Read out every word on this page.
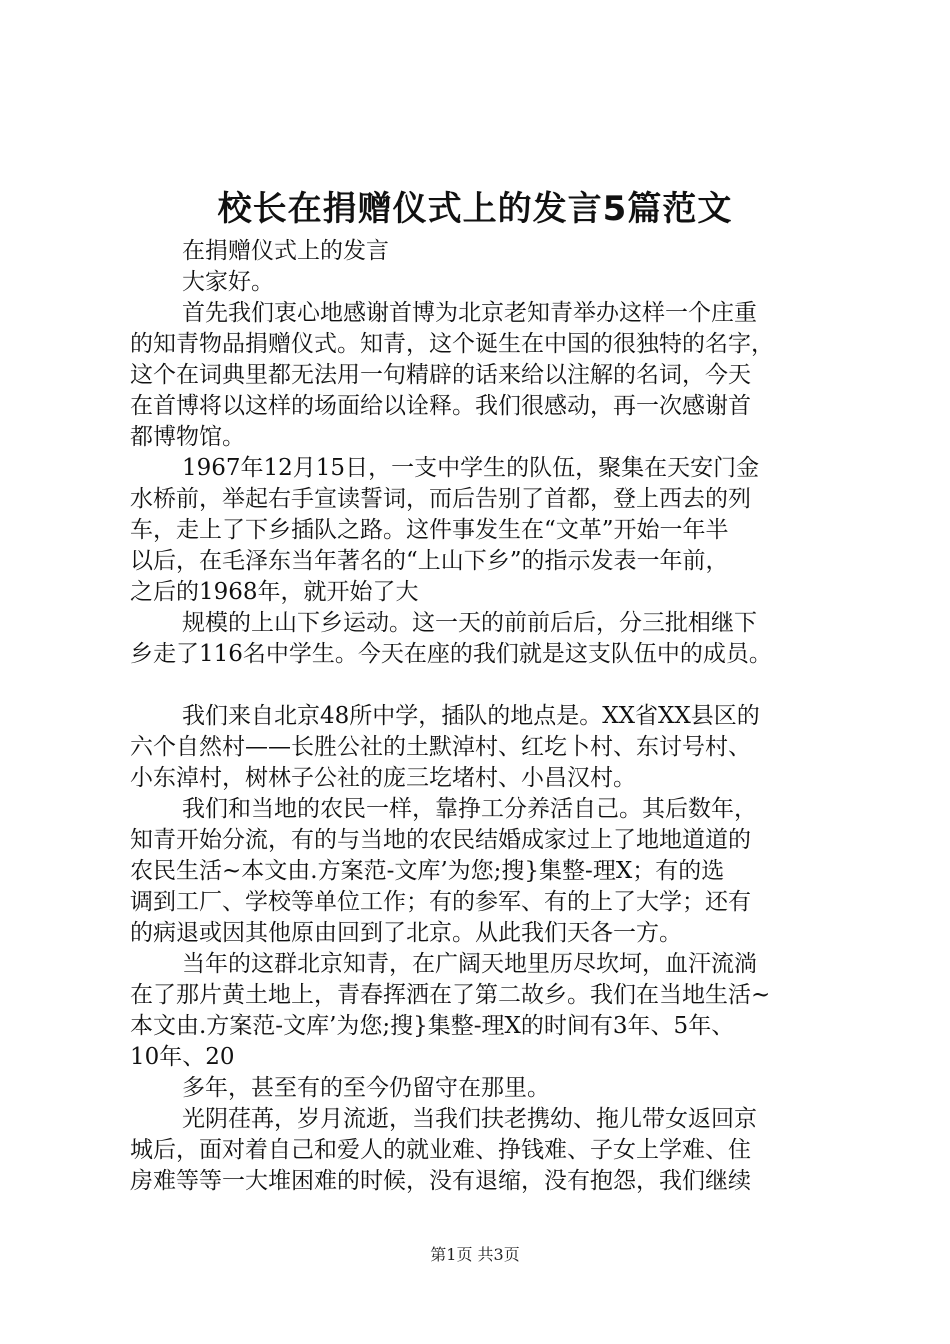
校长在捐赠仪式上的发言5篇范文
在捐赠仪式上的发言
大家好。
首先我们衷心地感谢首博为北京老知青举办这样一个庄重
的知青物品捐赠仪式。知青，这个诞生在中国的很独特的名字，
这个在词典里都无法用一句精辟的话来给以注解的名词，今天
在首博将以这样的场面给以诠释。我们很感动，再一次感谢首
都博物馆。
1967年12月15日，一支中学生的队伍，聚集在天安门金
水桥前，举起右手宣读誓词，而后告别了首都，登上西去的列
车，走上了下乡插队之路。这件事发生在“文革”开始一年半
以后，在毛泽东当年著名的“上山下乡”的指示发表一年前，
之后的1968年，就开始了大
规模的上山下乡运动。这一天的前前后后，分三批相继下
乡走了116名中学生。今天在座的我们就是这支队伍中的成员。
我们来自北京48所中学，插队的地点是。XX省XX县区的
六个自然村——长胜公社的土默淖村、红圪卜村、东讨号村、
小东淖村，树林子公社的庞三圪堵村、小昌汉村。
我们和当地的农民一样，靠挣工分养活自己。其后数年，
知青开始分流，有的与当地的农民结婚成家过上了地地道道的
农民生活~本文由.方案范-文库’为您;搜}集整-理X；有的选
调到工厂、学校等单位工作；有的参军、有的上了大学；还有
的病退或因其他原由回到了北京。从此我们天各一方。
当年的这群北京知青，在广阔天地里历尽坎坷，血汗流淌
在了那片黄土地上，青春挥洒在了第二故乡。我们在当地生活~
本文由.方案范-文库’为您;搜}集整-理X的时间有3年、5年、
10年、20
多年，甚至有的至今仍留守在那里。
光阴荏苒，岁月流逝，当我们扶老携幼、拖儿带女返回京
城后，面对着自己和爱人的就业难、挣钱难、子女上学难、住
房难等等一大堆困难的时候，没有退缩，没有抱怨，我们继续
第1页 共3页
